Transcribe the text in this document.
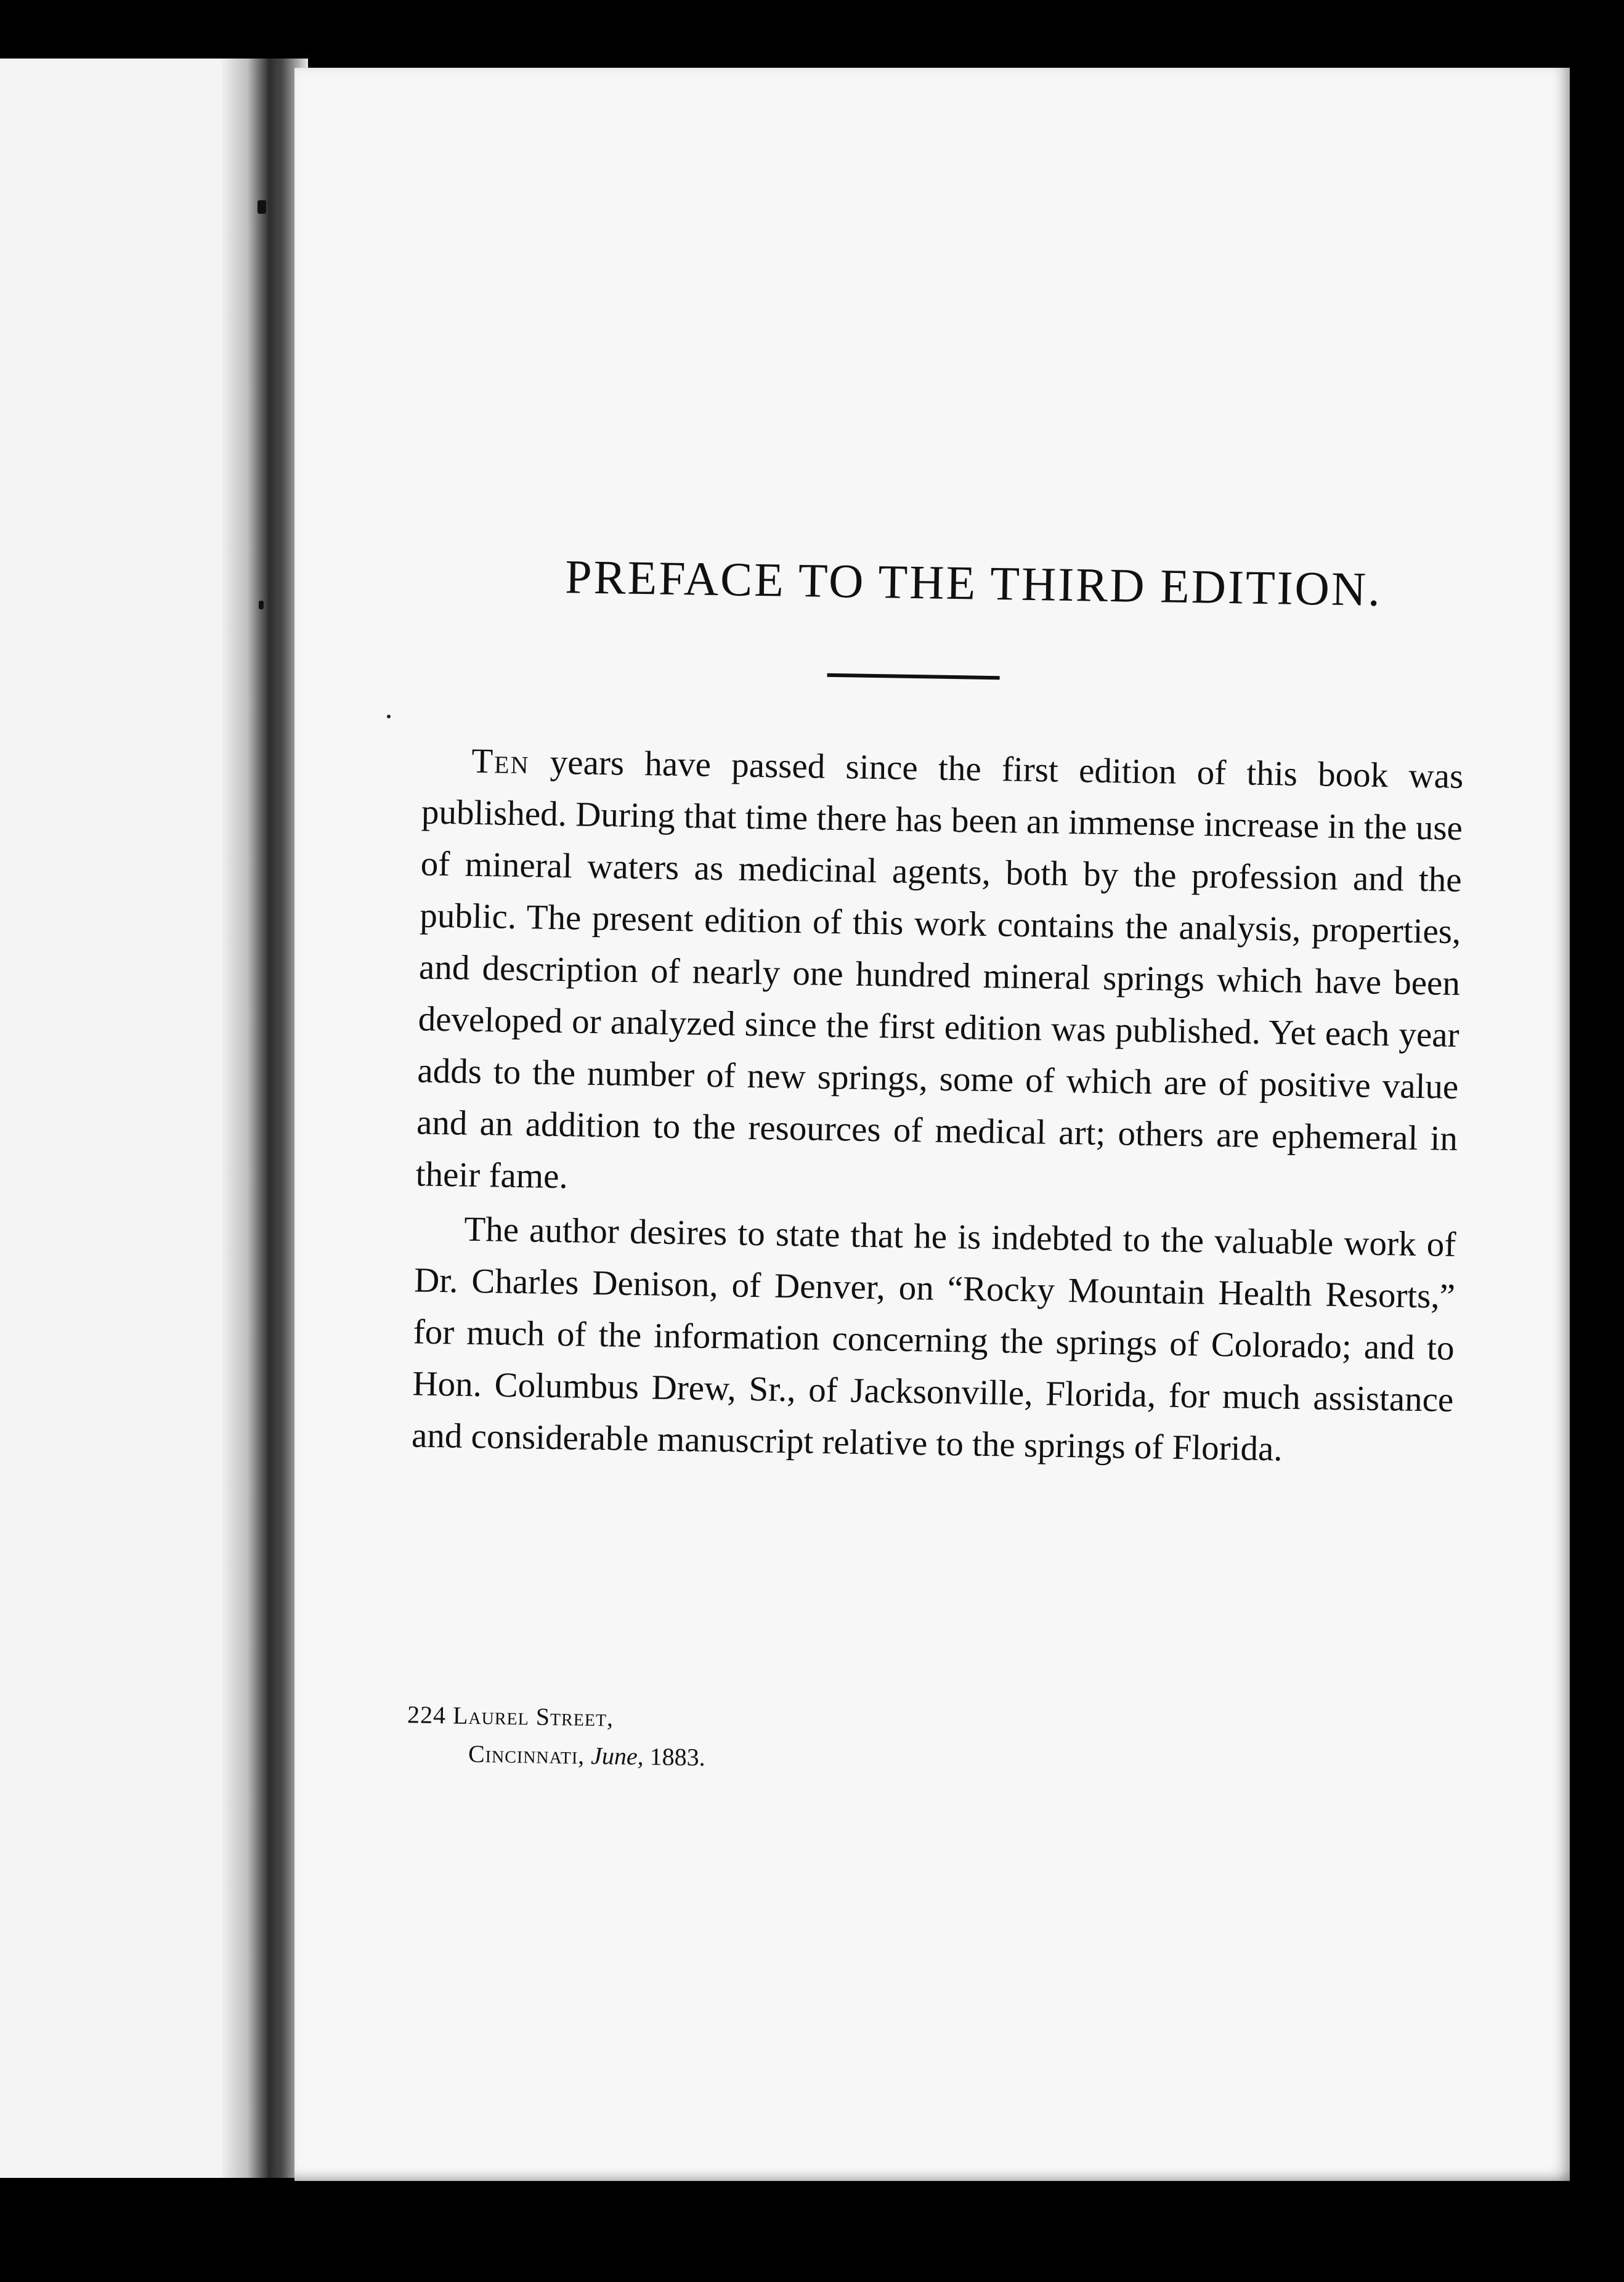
PREFACE TO THE THIRD EDITION.

Ten years have passed since the first edition of this book was published. During that time there has been an immense increase in the use of mineral waters as medicinal agents, both by the profession and the public. The present edition of this work contains the analysis, properties, and description of nearly one hundred mineral springs which have been developed or analyzed since the first edition was published. Yet each year adds to the number of new springs, some of which are of positive value and an addition to the resources of medical art; others are ephemeral in their fame.

The author desires to state that he is indebted to the valuable work of Dr. Charles Denison, of Denver, on “Rocky Mountain Health Resorts,” for much of the information concerning the springs of Colorado; and to Hon. Columbus Drew, Sr., of Jacksonville, Florida, for much assistance and considerable manuscript relative to the springs of Florida.

224 Laurel Street,
Cincinnati, June, 1883.
